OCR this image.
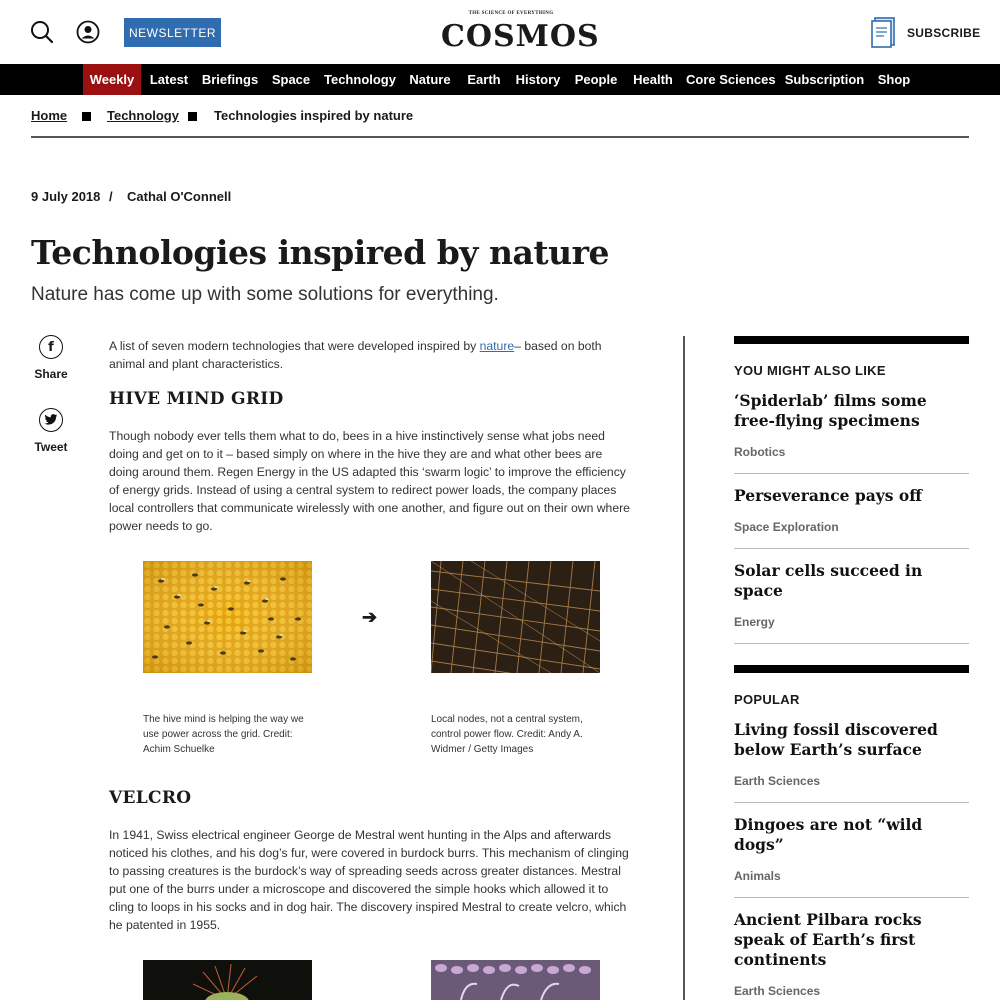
NEWSLETTER
THE SCIENCE OF EVERYTHING
COSMOS	SUBSCRIBE
Weekly	Latest Briefings Space Technology Nature Earth History People Health Core Sciences Subscription Shop
Home	Technology	Technologies inspired by nature
9 July 2018 / Cathal O'Connell
Technologies inspired by nature
Nature has come up with some solutions for everything.
f
Share
Tweet

A list of seven modern technologies that were developed inspired by nature– based on both animal and plant characteristics.

HIVE MIND GRID

Though nobody ever tells them what to do, bees in a hive instinctively sense what jobs need doing and get on to it – based simply on where in the hive they are and what other bees are doing around them. Regen Energy in the US adapted this ‘swarm logic’ to improve the efficiency of energy grids. Instead of using a central system to redirect power loads, the company places local controllers that communicate wirelessly with one another, and figure out on their own where power needs to go.

➔
The hive mind is helping the way we use power across the grid. Credit: Achim Schuelke
Local nodes, not a central system, control power flow. Credit: Andy A. Widmer / Getty Images
VELCRO

In 1941, Swiss electrical engineer George de Mestral went hunting in the Alps and afterwards noticed his clothes, and his dog’s fur, were covered in burdock burrs. This mechanism of clinging to passing creatures is the burdock’s way of spreading seeds across greater distances. Mestral put one of the burrs under a microscope and discovered the simple hooks which allowed it to cling to loops in his socks and in dog hair. The discovery inspired Mestral to create velcro, which he patented in 1955.

YOU MIGHT ALSO LIKE
‘Spiderlab’ films some free-flying specimens
Robotics
Perseverance pays off
Space Exploration
Solar cells succeed in space
Energy
POPULAR
Living fossil discovered below Earth’s surface
Earth Sciences
Dingoes are not “wild dogs”
Animals
Ancient Pilbara rocks speak of Earth’s first continents
Earth Sciences
